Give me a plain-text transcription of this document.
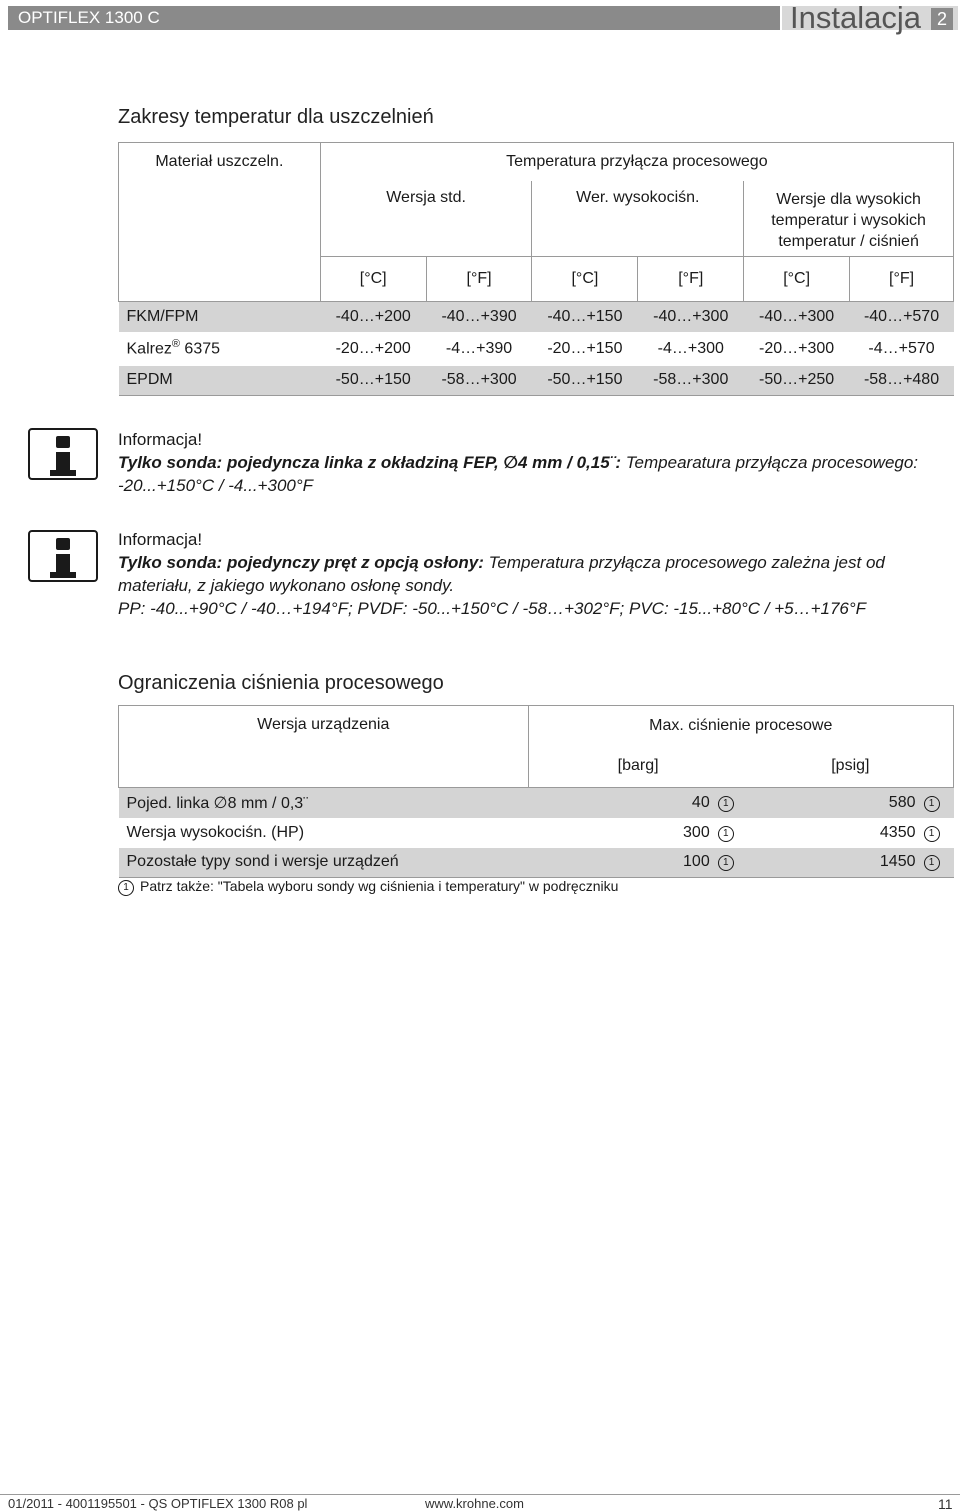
OPTIFLEX 1300 C	Instalacja 2
Zakresy temperatur dla uszczelnień
Materiał uszczeln.	Temperatura przyłącza procesowego					
	Wersja std.		Wer. wysokociśn.		Wersje dla wysokich temperatur i wysokich temperatur / ciśnień	
	[°C]	[°F]	[°C]	[°F]	[°C]	[°F]
FKM/FPM	-40…+200	-40…+390	-40…+150	-40…+300	-40…+300	-40…+570
Kalrez® 6375	-20…+200	-4…+390	-20…+150	-4…+300	-20…+300	-4…+570
EPDM	-50…+150	-58…+300	-50…+150	-58…+300	-50…+250	-58…+480
Informacja!
Tylko sonda: pojedyncza linka z okładziną FEP, ∅4 mm / 0,15¨: Tempearatura przyłącza procesowego: -20...+150°C / -4...+300°F
Informacja!
Tylko sonda: pojedynczy pręt z opcją osłony: Temperatura przyłącza procesowego zależna jest od materiału, z jakiego wykonano osłonę sondy.
PP: -40...+90°C / -40…+194°F; PVDF: -50...+150°C / -58…+302°F; PVC: -15...+80°C / +5…+176°F
Ograniczenia ciśnienia procesowego
Wersja urządzenia	Max. ciśnienie procesowe	
	[barg]	[psig]
Pojed. linka ∅8 mm / 0,3¨	40 1	580 1
Wersja wysokociśn. (HP)	300 1	4350 1
Pozostałe typy sond i wersje urządzeń	100 1	1450 1
1 Patrz także: "Tabela wyboru sondy wg ciśnienia i temperatury" w podręczniku
01/2011 - 4001195501 - QS OPTIFLEX 1300 R08 pl	www.krohne.com	11
